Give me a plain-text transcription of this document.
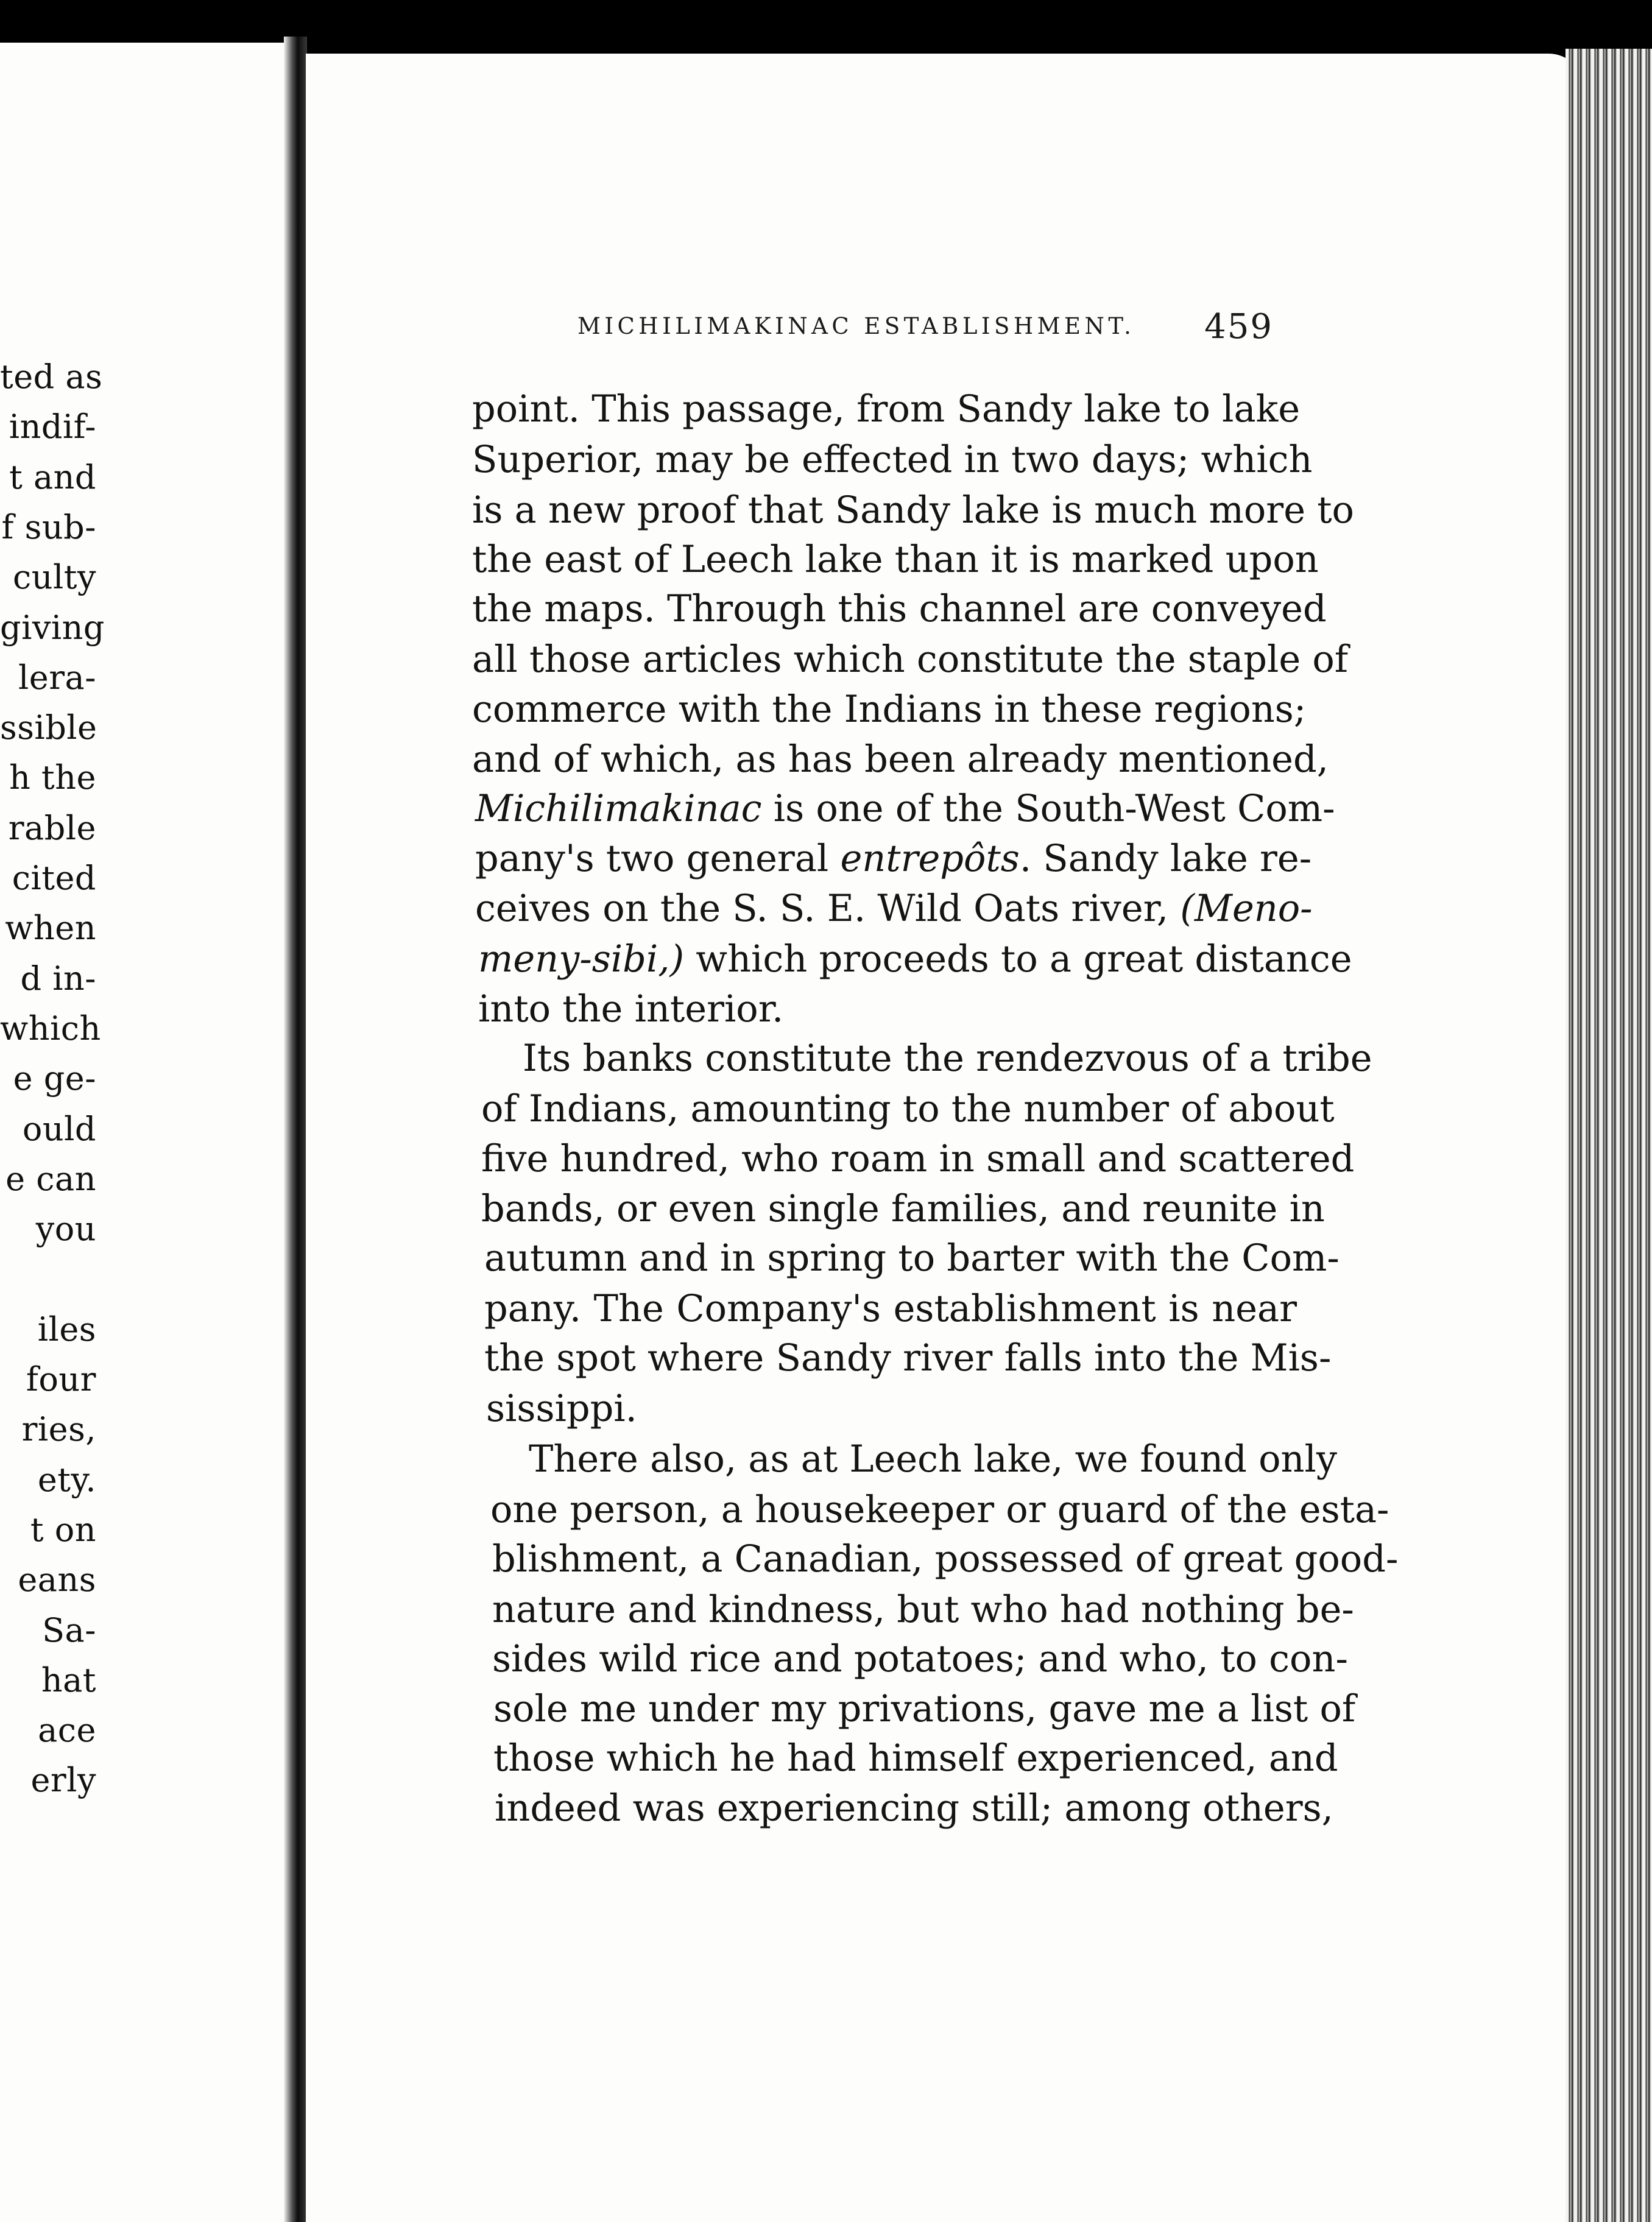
ted as
indif-
t and
f sub-
culty
giving
lera-
ssible
h the
rable
cited
when
d in-
which
e ge-
ould
e can
you
iles
four
ries,
ety.
t on
eans
Sa-
hat
ace
erly
MICHILIMAKINAC ESTABLISHMENT. 459
point. This passage, from Sandy lake to lake
Superior, may be effected in two days; which
is a new proof that Sandy lake is much more to
the east of Leech lake than it is marked upon
the maps. Through this channel are conveyed
all those articles which constitute the staple of
commerce with the Indians in these regions;
and of which, as has been already mentioned,
Michilimakinac is one of the South-West Com-
pany's two general entrepôts. Sandy lake re-
ceives on the S. S. E. Wild Oats river, (Meno-
meny-sibi,) which proceeds to a great distance
into the interior.
Its banks constitute the rendezvous of a tribe
of Indians, amounting to the number of about
five hundred, who roam in small and scattered
bands, or even single families, and reunite in
autumn and in spring to barter with the Com-
pany. The Company's establishment is near
the spot where Sandy river falls into the Mis-
sissippi.
There also, as at Leech lake, we found only
one person, a housekeeper or guard of the esta-
blishment, a Canadian, possessed of great good-
nature and kindness, but who had nothing be-
sides wild rice and potatoes; and who, to con-
sole me under my privations, gave me a list of
those which he had himself experienced, and
indeed was experiencing still; among others,
